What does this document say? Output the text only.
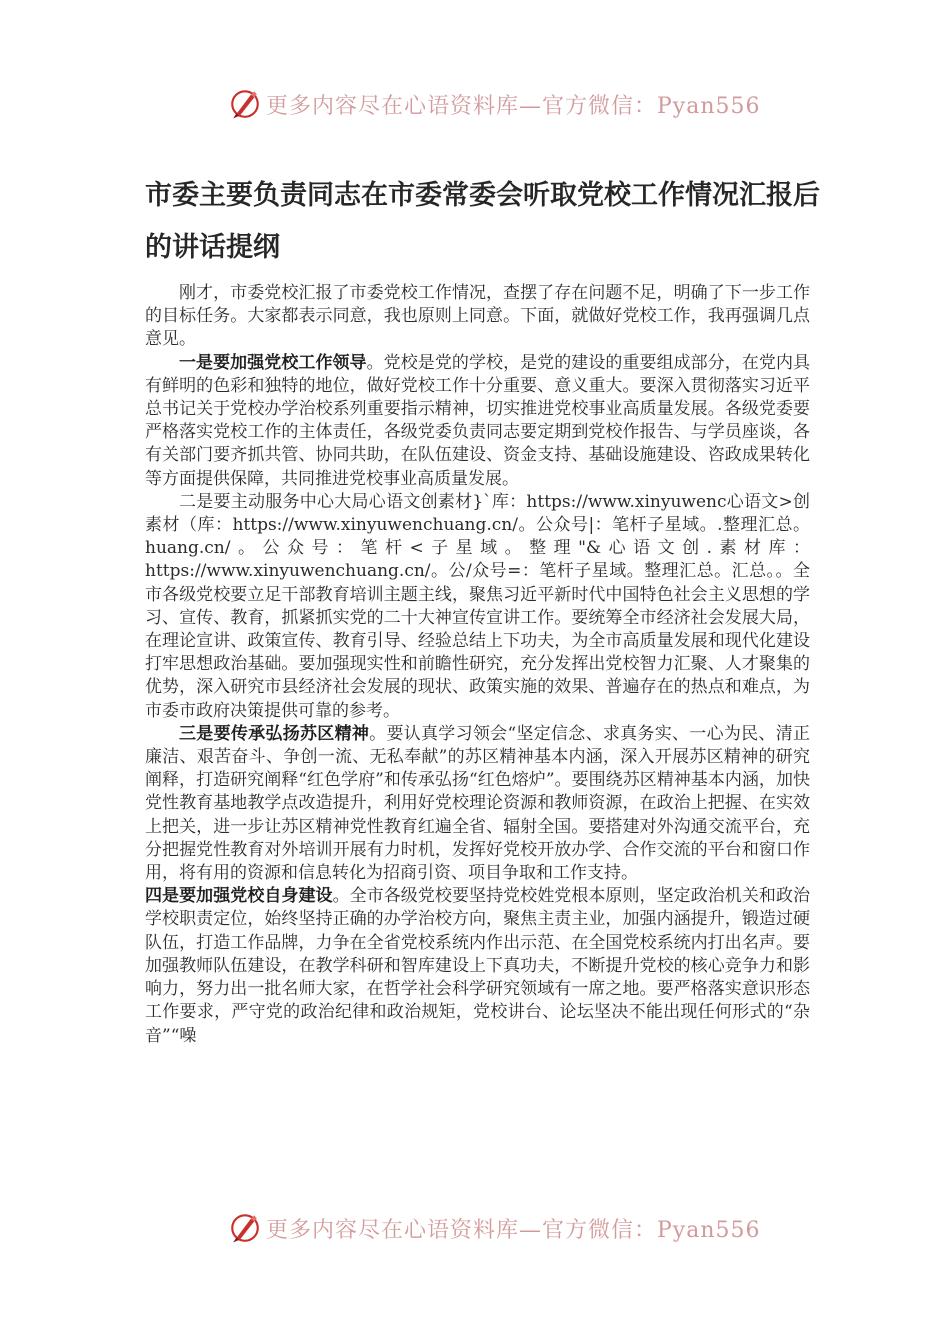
更多内容尽在心语资料库—官方微信：Pyan556
市委主要负责同志在市委常委会听取党校工作情况汇报后的讲话提纲

刚才，市委党校汇报了市委党校工作情况，查摆了存在问题不足，明确了下一步工作的目标任务。大家都表示同意，我也原则上同意。下面，就做好党校工作，我再强调几点意见。

一是要加强党校工作领导。党校是党的学校，是党的建设的重要组成部分，在党内具有鲜明的色彩和独特的地位，做好党校工作十分重要、意义重大。要深入贯彻落实习近平总书记关于党校办学治校系列重要指示精神，切实推进党校事业高质量发展。各级党委要严格落实党校工作的主体责任，各级党委负责同志要定期到党校作报告、与学员座谈，各有关部门要齐抓共管、协同共助，在队伍建设、资金支持、基础设施建设、咨政成果转化等方面提供保障，共同推进党校事业高质量发展。

二是要主动服务中心大局心语文创素材}`库：https://www.xinyuwenc心语文>创素材（库：https://www.xinyuwenchuang.cn/。公众号|：笔杆子星域。.整理汇总。huang.cn/。公众号：笔杆<子星域。整理"&心语文创.素材库：https://www.xinyuwenchuang.cn/。公/众号=：笔杆子星域。整理汇总。汇总。。全市各级党校要立足干部教育培训主题主线，聚焦习近平新时代中国特色社会主义思想的学习、宣传、教育，抓紧抓实党的二十大神宣传宣讲工作。要统筹全市经济社会发展大局，在理论宣讲、政策宣传、教育引导、经验总结上下功夫，为全市高质量发展和现代化建设打牢思想政治基础。要加强现实性和前瞻性研究，充分发挥出党校智力汇聚、人才聚集的优势，深入研究市县经济社会发展的现状、政策实施的效果、普遍存在的热点和难点，为市委市政府决策提供可靠的参考。

三是要传承弘扬苏区精神。要认真学习领会“坚定信念、求真务实、一心为民、清正廉洁、艰苦奋斗、争创一流、无私奉献”的苏区精神基本内涵，深入开展苏区精神的研究阐释，打造研究阐释“红色学府”和传承弘扬“红色熔炉”。要围绕苏区精神基本内涵，加快党性教育基地教学点改造提升，利用好党校理论资源和教师资源，在政治上把握、在实效上把关，进一步让苏区精神党性教育红遍全省、辐射全国。要搭建对外沟通交流平台，充分把握党性教育对外培训开展有力时机，发挥好党校开放办学、合作交流的平台和窗口作用，将有用的资源和信息转化为招商引资、项目争取和工作支持。

四是要加强党校自身建设。全市各级党校要坚持党校姓党根本原则，坚定政治机关和政治学校职责定位，始终坚持正确的办学治校方向，聚焦主责主业，加强内涵提升，锻造过硬队伍，打造工作品牌，力争在全省党校系统内作出示范、在全国党校系统内打出名声。要加强教师队伍建设，在教学科研和智库建设上下真功夫，不断提升党校的核心竞争力和影响力，努力出一批名师大家，在哲学社会科学研究领域有一席之地。要严格落实意识形态工作要求，严守党的政治纪律和政治规矩，党校讲台、论坛坚决不能出现任何形式的“杂音”“噪

更多内容尽在心语资料库—官方微信：Pyan556
